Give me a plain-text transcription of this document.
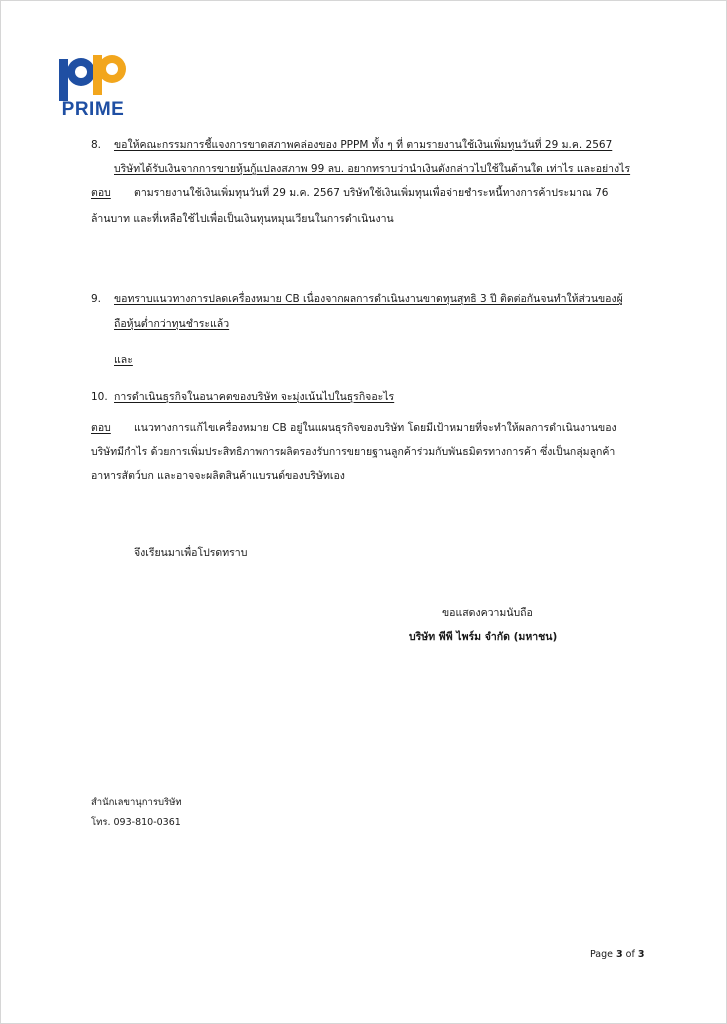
PRIME
8. ขอให้คณะกรรมการชี้แจงการขาดสภาพคล่องของ PPPM ทั้ง ๆ ที่ ตามรายงานใช้เงินเพิ่มทุนวันที่ 29 ม.ค. 2567
บริษัทได้รับเงินจากการขายหุ้นกู้แปลงสภาพ 99 ลบ. อยากทราบว่านำเงินดังกล่าวไปใช้ในด้านใด เท่าไร และอย่างไร
ตอบ ตามรายงานใช้เงินเพิ่มทุนวันที่ 29 ม.ค. 2567 บริษัทใช้เงินเพิ่มทุนเพื่อจ่ายชำระหนี้ทางการค้าประมาณ 76
ล้านบาท และที่เหลือใช้ไปเพื่อเป็นเงินทุนหมุนเวียนในการดำเนินงาน
9. ขอทราบแนวทางการปลดเครื่องหมาย CB เนื่องจากผลการดำเนินงานขาดทุนสุทธิ 3 ปี ติดต่อกันจนทำให้ส่วนของผู้
ถือหุ้นต่ำกว่าทุนชำระแล้ว
และ
10. การดำเนินธุรกิจในอนาคตของบริษัท จะมุ่งเน้นไปในธุรกิจอะไร
ตอบ แนวทางการแก้ไขเครื่องหมาย CB อยู่ในแผนธุรกิจของบริษัท โดยมีเป้าหมายที่จะทำให้ผลการดำเนินงานของ
บริษัทมีกำไร ด้วยการเพิ่มประสิทธิภาพการผลิตรองรับการขยายฐานลูกค้าร่วมกับพันธมิตรทางการค้า ซึ่งเป็นกลุ่มลูกค้า
อาหารสัตว์บก และอาจจะผลิตสินค้าแบรนด์ของบริษัทเอง
จึงเรียนมาเพื่อโปรดทราบ
ขอแสดงความนับถือ
บริษัท พีพี ไพร์ม จำกัด (มหาชน)
สำนักเลขานุการบริษัท
โทร. 093-810-0361
Page 3 of 3
